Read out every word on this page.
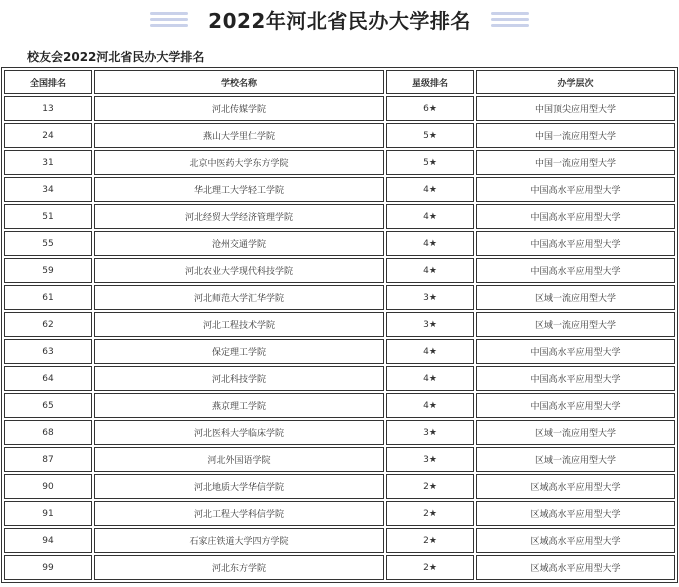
2022年河北省民办大学排名
校友会2022河北省民办大学排名
全国排名	学校名称	星级排名	办学层次
13	河北传媒学院	6★	中国顶尖应用型大学
24	燕山大学里仁学院	5★	中国一流应用型大学
31	北京中医药大学东方学院	5★	中国一流应用型大学
34	华北理工大学轻工学院	4★	中国高水平应用型大学
51	河北经贸大学经济管理学院	4★	中国高水平应用型大学
55	沧州交通学院	4★	中国高水平应用型大学
59	河北农业大学现代科技学院	4★	中国高水平应用型大学
61	河北师范大学汇华学院	3★	区域一流应用型大学
62	河北工程技术学院	3★	区域一流应用型大学
63	保定理工学院	4★	中国高水平应用型大学
64	河北科技学院	4★	中国高水平应用型大学
65	燕京理工学院	4★	中国高水平应用型大学
68	河北医科大学临床学院	3★	区域一流应用型大学
87	河北外国语学院	3★	区域一流应用型大学
90	河北地质大学华信学院	2★	区域高水平应用型大学
91	河北工程大学科信学院	2★	区域高水平应用型大学
94	石家庄铁道大学四方学院	2★	区域高水平应用型大学
99	河北东方学院	2★	区域高水平应用型大学
